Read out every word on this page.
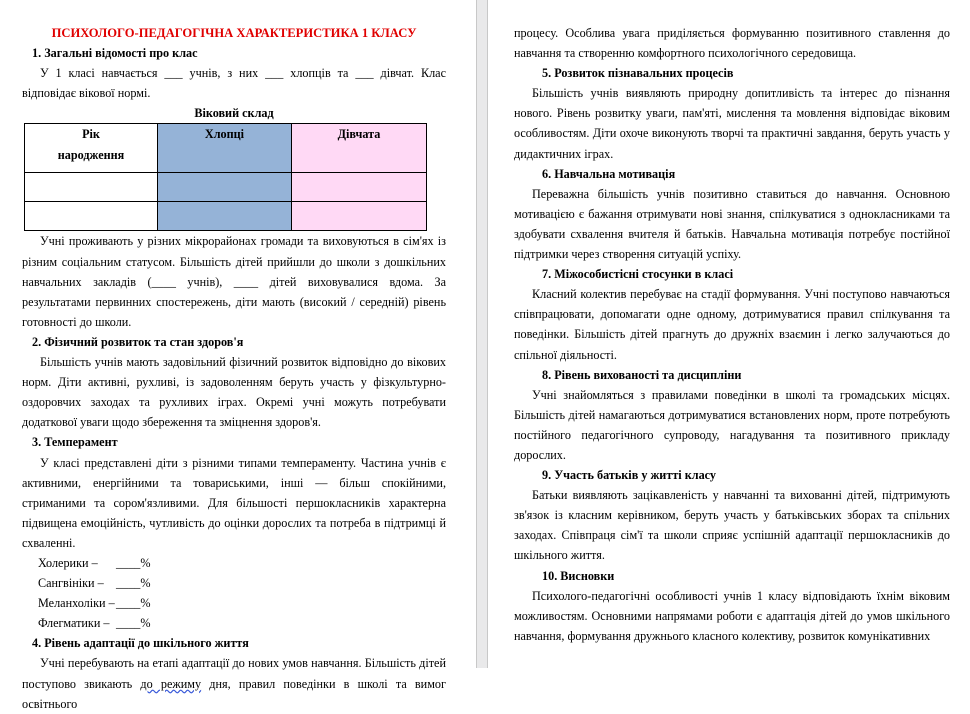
ПСИХОЛОГО-ПЕДАГОГІЧНА ХАРАКТЕРИСТИКА 1 КЛАСУ

1. Загальні відомості про клас

У 1 класі навчається ___ учнів, з них ___ хлопців та ___ дівчат. Клас відповідає вікової нормі.

Віковий склад

Рік
народження	Хлопці	Дівчата

Учні проживають у різних мікрорайонах громади та виховуються в сім'ях із різним соціальним статусом. Більшість дітей прийшли до школи з дошкільних навчальних закладів (____ учнів), ____ дітей виховувалися вдома. За результатами первинних спостережень, діти мають (високий / середній) рівень готовності до школи.

2. Фізичний розвиток та стан здоров'я

Більшість учнів мають задовільний фізичний розвиток відповідно до вікових норм. Діти активні, рухливі, із задоволенням беруть участь у фізкультурно-оздоровчих заходах та рухливих іграх. Окремі учні можуть потребувати додаткової уваги щодо збереження та зміцнення здоров'я.

3. Темперамент

У класі представлені діти з різними типами темпераменту. Частина учнів є активними, енергійними та товариськими, інші — більш спокійними, стриманими та сором'язливими. Для більшості першокласників характерна підвищена емоційність, чутливість до оцінки дорослих та потреба в підтримці й схваленні.

Холерики – ____%

Сангвініки – ____%

Меланхоліки –____%

Флегматики – ____%

4. Рівень адаптації до шкільного життя

Учні перебувають на етапі адаптації до нових умов навчання. Більшість дітей поступово звикають до режиму дня, правил поведінки в школі та вимог освітнього

процесу. Особлива увага приділяється формуванню позитивного ставлення до навчання та створенню комфортного психологічного середовища.

5. Розвиток пізнавальних процесів

Більшість учнів виявляють природну допитливість та інтерес до пізнання нового. Рівень розвитку уваги, пам'яті, мислення та мовлення відповідає віковим особливостям. Діти охоче виконують творчі та практичні завдання, беруть участь у дидактичних іграх.

6. Навчальна мотивація

Переважна більшість учнів позитивно ставиться до навчання. Основною мотивацією є бажання отримувати нові знання, спілкуватися з однокласниками та здобувати схвалення вчителя й батьків. Навчальна мотивація потребує постійної підтримки через створення ситуацій успіху.

7. Міжособистісні стосунки в класі

Класний колектив перебуває на стадії формування. Учні поступово навчаються співпрацювати, допомагати одне одному, дотримуватися правил спілкування та поведінки. Більшість дітей прагнуть до дружніх взаємин і легко залучаються до спільної діяльності.

8. Рівень вихованості та дисципліни

Учні знайомляться з правилами поведінки в школі та громадських місцях. Більшість дітей намагаються дотримуватися встановлених норм, проте потребують постійного педагогічного супроводу, нагадування та позитивного прикладу дорослих.

9. Участь батьків у житті класу

Батьки виявляють зацікавленість у навчанні та вихованні дітей, підтримують зв'язок із класним керівником, беруть участь у батьківських зборах та спільних заходах. Співпраця сім'ї та школи сприяє успішній адаптації першокласників до шкільного життя.

10. Висновки

Психолого-педагогічні особливості учнів 1 класу відповідають їхнім віковим можливостям. Основними напрямами роботи є адаптація дітей до умов шкільного навчання, формування дружнього класного колективу, розвиток комунікативних
